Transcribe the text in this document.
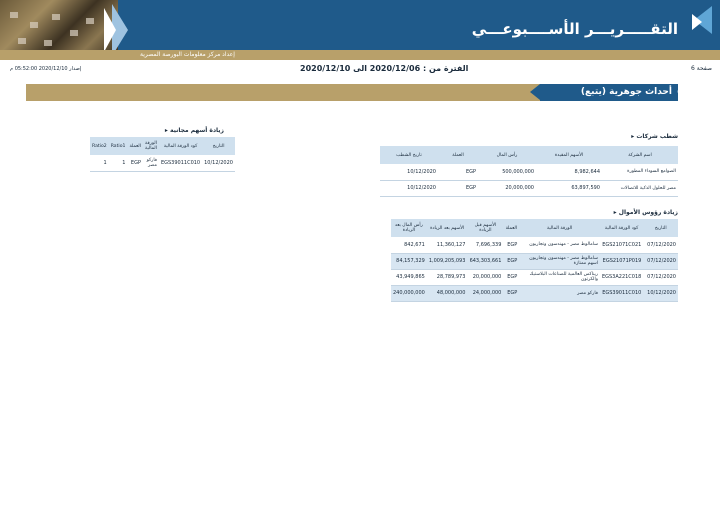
التقـــــريـــر الأســــبوعـــي
إعداد مركز معلومات البورصة المصرية
صفحة 6
الفترة من : 2020/12/06 الى 2020/12/10
إصدار 2020/12/10 05:52:00 م
أحداث جوهرية (يتبع) ٥.
شطب شركات ▸
تاريخ الشطب	العملة	رأس المال	الأسهم المقيدة	اسم الشركة
10/12/2020	EGP	500,000,000	8,982,644	الصوامع السوداء المطورة
10/12/2020	EGP	20,000,000	63,897,590	مصر للحلول الذكية للاتصالات
زيادة رؤوس الأموال ▸
رأس المال بعد الزيادة	الأسهم بعد الزيادة	الأسهم قبل الزيادة	العملة	الورقة المالية	كود الورقة المالية	التاريخ
842,671	11,360,127	7,696,339	EGP	سامالوط مصر - مهندسون وتجاريون	EGS21071C021	07/12/2020
84,157,329	1,009,205,093	643,303,661	EGP	سامالوط مصر - مهندسون وتجاريون اسهم ممتازة	EGS21071P019	07/12/2020
43,949,865	28,789,973	20,000,000	EGP	ريناكس العالمية للصناعات البلاستيك والكرتون	EGS3A221C018	07/12/2020
240,000,000	48,000,000	24,000,000	EGP	فاركو مصر	EGS39011C010	10/12/2020
زيادة أسهم مجانية ▸
Ratio2	Ratio1	العملة	الورقة المالية	كود الورقة المالية	التاريخ
1	1	EGP	فاركو مصر	EGS39011C010	10/12/2020
